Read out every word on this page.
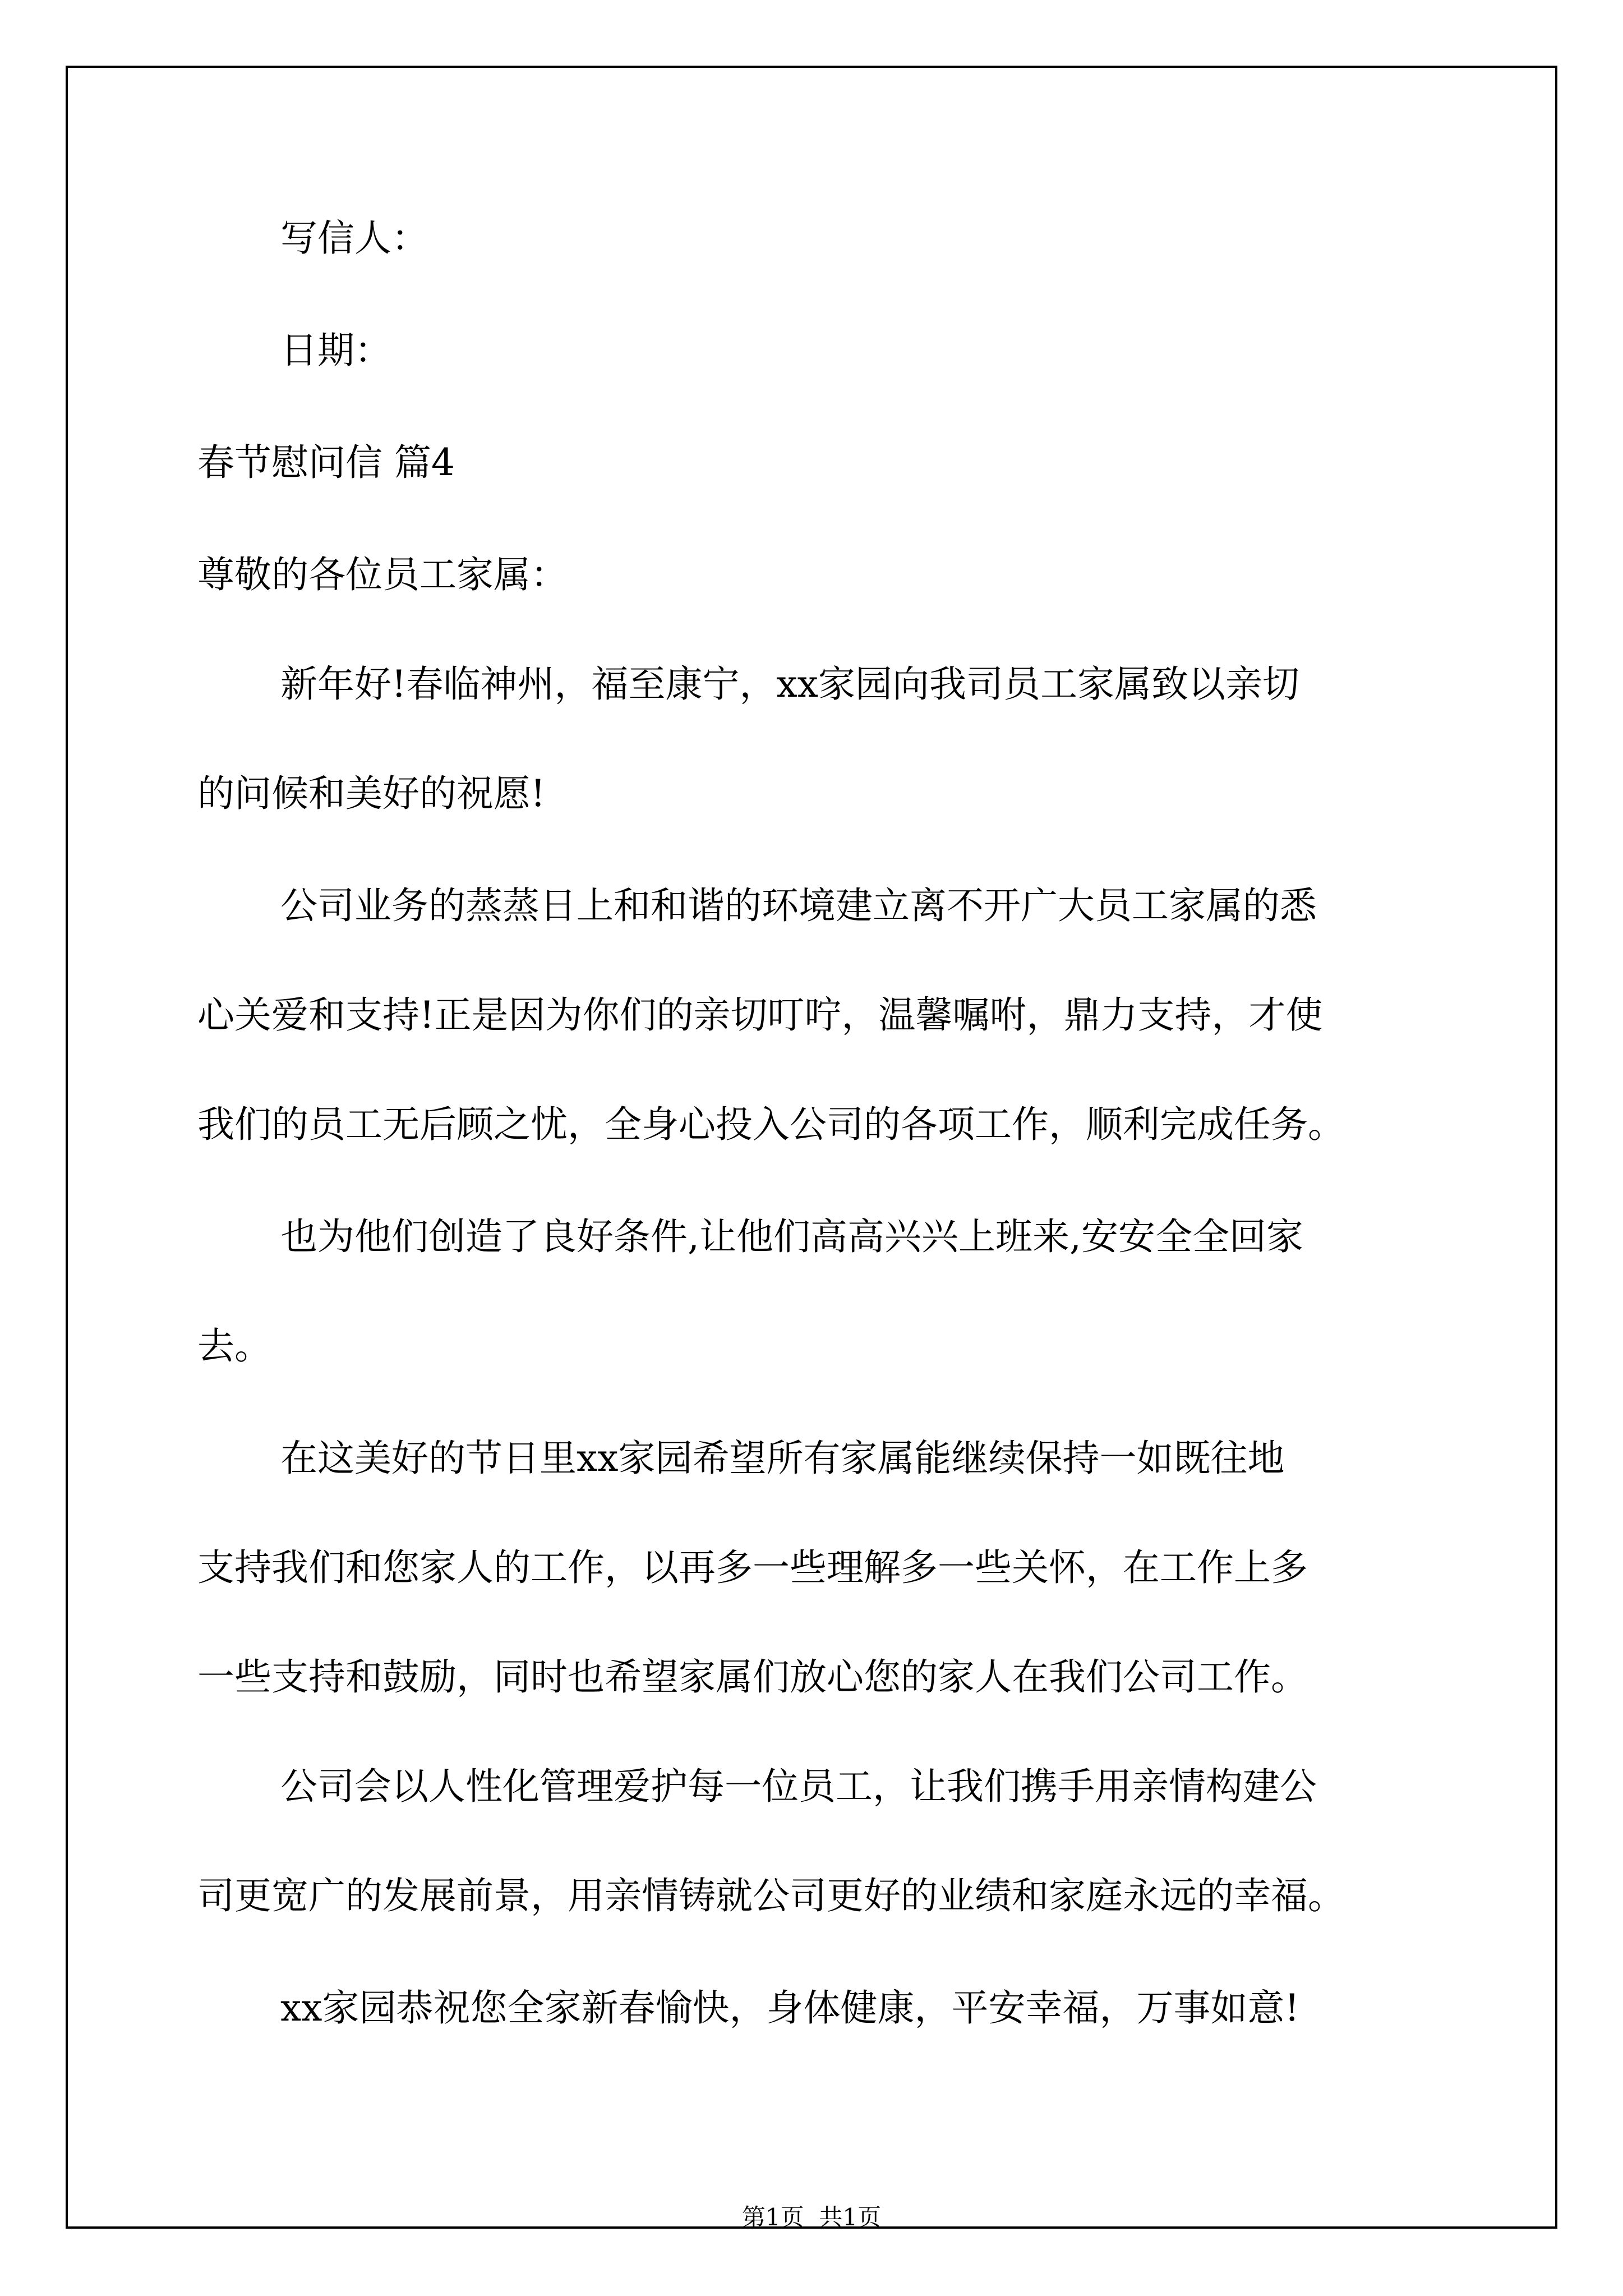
写信人：
日期：
春节慰问信 篇4
尊敬的各位员工家属：
新年好!春临神州，福至康宁，xx家园向我司员工家属致以亲切
的问候和美好的祝愿!
公司业务的蒸蒸日上和和谐的环境建立离不开广大员工家属的悉
心关爱和支持!正是因为你们的亲切叮咛，温馨嘱咐，鼎力支持，才使
我们的员工无后顾之忧，全身心投入公司的各项工作，顺利完成任务。
也为他们创造了良好条件,让他们高高兴兴上班来,安安全全回家
去。
在这美好的节日里xx家园希望所有家属能继续保持一如既往地
支持我们和您家人的工作，以再多一些理解多一些关怀，在工作上多
一些支持和鼓励，同时也希望家属们放心您的家人在我们公司工作。
公司会以人性化管理爱护每一位员工，让我们携手用亲情构建公
司更宽广的发展前景，用亲情铸就公司更好的业绩和家庭永远的幸福。
xx家园恭祝您全家新春愉快，身体健康，平安幸福，万事如意!
第1页  共1页
